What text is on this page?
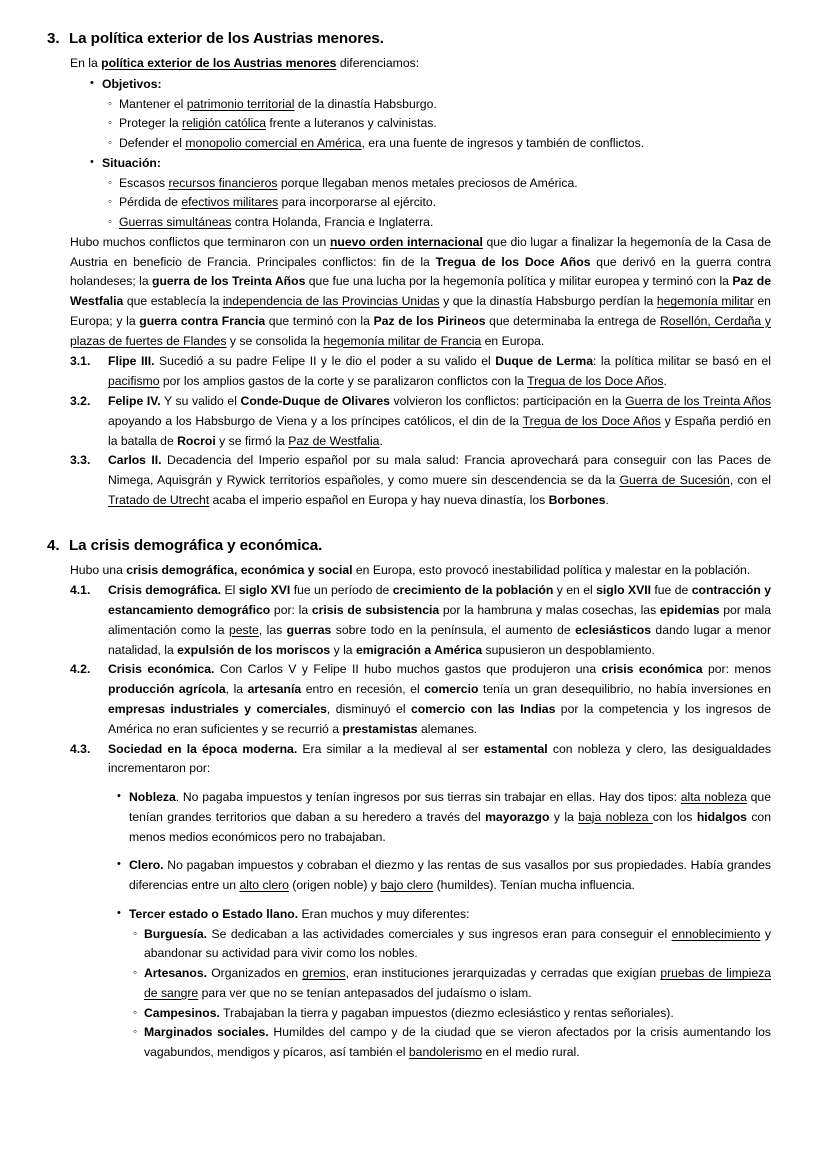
3. La política exterior de los Austrias menores.

En la política exterior de los Austrias menores diferenciamos:

• Objetivos:
◦ Mantener el patrimonio territorial de la dinastía Habsburgo.
◦ Proteger la religión católica frente a luteranos y calvinistas.
◦ Defender el monopolio comercial en América, era una fuente de ingresos y también de conflictos.
• Situación:
◦ Escasos recursos financieros porque llegaban menos metales preciosos de América.
◦ Pérdida de efectivos militares para incorporarse al ejército.
◦ Guerras simultáneas contra Holanda, Francia e Inglaterra.

Hubo muchos conflictos que terminaron con un nuevo orden internacional que dio lugar a finalizar la hegemonía de la Casa de Austria en beneficio de Francia. Principales conflictos: fin de la Tregua de los Doce Años que derivó en la guerra contra holandeses; la guerra de los Treinta Años que fue una lucha por la hegemonía política y militar europea y terminó con la Paz de Westfalia que establecía la independencia de las Provincias Unidas y que la dinastía Habsburgo perdían la hegemonía militar en Europa; y la guerra contra Francia que terminó con la Paz de los Pirineos que determinaba la entrega de Rosellón, Cerdaña y plazas de fuertes de Flandes y se consolida la hegemonía militar de Francia en Europa.

3.1.	Flipe III. Sucedió a su padre Felipe II y le dio el poder a su valido el Duque de Lerma: la política militar se basó en el pacifismo por los amplios gastos de la corte y se paralizaron conflictos con la Tregua de los Doce Años.
3.2.	Felipe IV. Y su valido el Conde-Duque de Olivares volvieron los conflictos: participación en la Guerra de los Treinta Años apoyando a los Habsburgo de Viena y a los príncipes católicos, el din de la Tregua de los Doce Años y España perdió en la batalla de Rocroi y se firmó la Paz de Westfalia.
3.3.	Carlos II. Decadencia del Imperio español por su mala salud: Francia aprovechará para conseguir con las Paces de Nimega, Aquisgrán y Rywick territorios españoles, y como muere sin descendencia se da la Guerra de Sucesión, con el Tratado de Utrecht acaba el imperio español en Europa y hay nueva dinastía, los Borbones.
4. La crisis demográfica y económica.

Hubo una crisis demográfica, económica y social en Europa, esto provocó inestabilidad política y malestar en la población.

4.1.	Crisis demográfica. El siglo XVI fue un período de crecimiento de la población y en el siglo XVII fue de contracción y estancamiento demográfico por: la crisis de subsistencia por la hambruna y malas cosechas, las epidemias por mala alimentación como la peste, las guerras sobre todo en la península, el aumento de eclesiásticos dando lugar a menor natalidad, la expulsión de los moriscos y la emigración a América supusieron un despoblamiento.
4.2.	Crisis económica. Con Carlos V y Felipe II hubo muchos gastos que produjeron una crisis económica por: menos producción agrícola, la artesanía entro en recesión, el comercio tenía un gran desequilibrio, no había inversiones en empresas industriales y comerciales, disminuyó el comercio con las Indias por la competencia y los ingresos de América no eran suficientes y se recurrió a prestamistas alemanes.
4.3.	Sociedad en la época moderna. Era similar a la medieval al ser estamental con nobleza y clero, las desigualdades incrementaron por:
• Nobleza. No pagaba impuestos y tenían ingresos por sus tierras sin trabajar en ellas. Hay dos tipos: alta nobleza que tenían grandes territorios que daban a su heredero a través del mayorazgo y la baja nobleza con los hidalgos con menos medios económicos pero no trabajaban.
• Clero. No pagaban impuestos y cobraban el diezmo y las rentas de sus vasallos por sus propiedades. Había grandes diferencias entre un alto clero (origen noble) y bajo clero (humildes). Tenían mucha influencia.
• Tercer estado o Estado llano. Eran muchos y muy diferentes:
◦ Burguesía. Se dedicaban a las actividades comerciales y sus ingresos eran para conseguir el ennoblecimiento y abandonar su actividad para vivir como los nobles.
◦ Artesanos. Organizados en gremios, eran instituciones jerarquizadas y cerradas que exigían pruebas de limpieza de sangre para ver que no se tenían antepasados del judaísmo o islam.
◦ Campesinos. Trabajaban la tierra y pagaban impuestos (diezmo eclesiástico y rentas señoriales).
◦ Marginados sociales. Humildes del campo y de la ciudad que se vieron afectados por la crisis aumentando los vagabundos, mendigos y pícaros, así también el bandolerismo en el medio rural.
